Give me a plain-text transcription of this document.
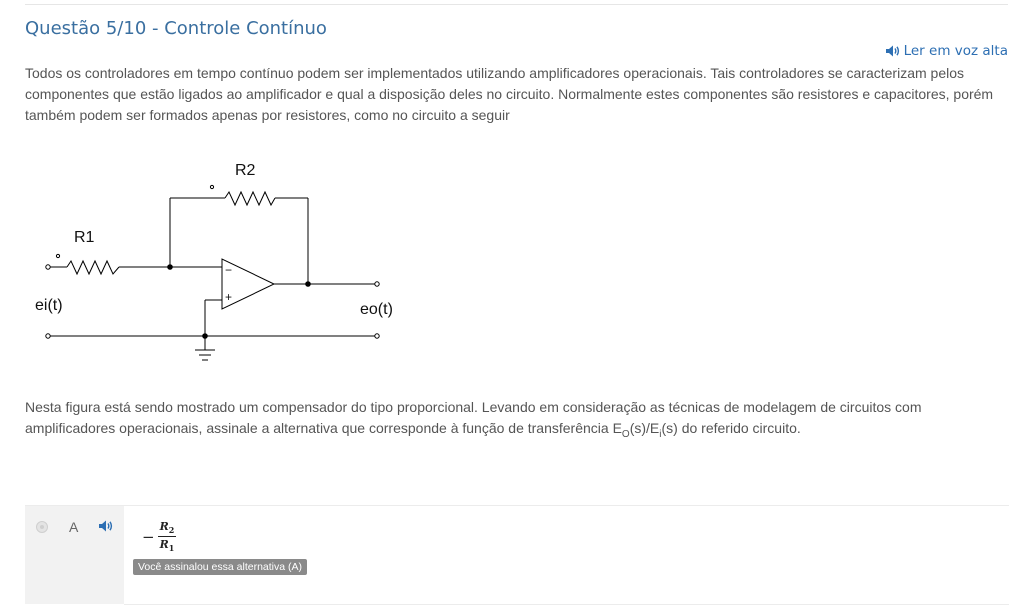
Questão 5/10 - Controle Contínuo
Ler em voz alta

Todos os controladores em tempo contínuo podem ser implementados utilizando amplificadores operacionais. Tais controladores se caracterizam pelos componentes que estão ligados ao amplificador e qual a disposição deles no circuito. Normalmente estes componentes são resistores e capacitores, porém também podem ser formados apenas por resistores, como no circuito a seguir

−
+
R2
R1
ei(t)	eo(t)

Nesta figura está sendo mostrado um compensador do tipo proporcional. Levando em consideração as técnicas de modelagem de circuitos com amplificadores operacionais, assinale a alternativa que corresponde à função de transferência $E_O(s)/E_i(s)$ do referido circuito.

A
− $\frac{R_2}{R_1}$
Você assinalou essa alternativa (A)
